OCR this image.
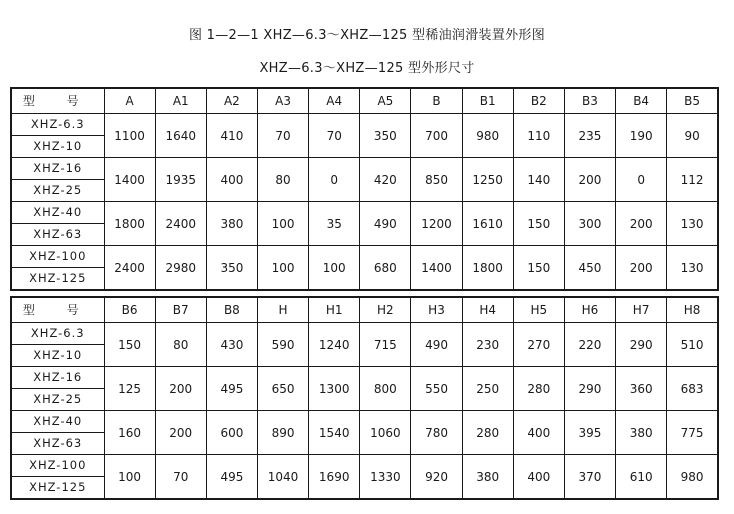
图 1—2—1 XHZ—6.3～XHZ—125 型稀油润滑装置外形图
XHZ—6.3～XHZ—125 型外形尺寸
型 号	A	A1	A2	A3	A4	A5	B	B1	B2	B3	B4	B5
XHZ-6.3	1100	1640	410	70	70	350	700	980	110	235	190	90
XHZ-10												
XHZ-16	1400	1935	400	80	0	420	850	1250	140	200	0	112
XHZ-25												
XHZ-40	1800	2400	380	100	35	490	1200	1610	150	300	200	130
XHZ-63												
XHZ-100	2400	2980	350	100	100	680	1400	1800	150	450	200	130
XHZ-125												
型 号	B6	B7	B8	H	H1	H2	H3	H4	H5	H6	H7	H8
XHZ-6.3	150	80	430	590	1240	715	490	230	270	220	290	510
XHZ-10												
XHZ-16	125	200	495	650	1300	800	550	250	280	290	360	683
XHZ-25												
XHZ-40	160	200	600	890	1540	1060	780	280	400	395	380	775
XHZ-63												
XHZ-100	100	70	495	1040	1690	1330	920	380	400	370	610	980
XHZ-125												
